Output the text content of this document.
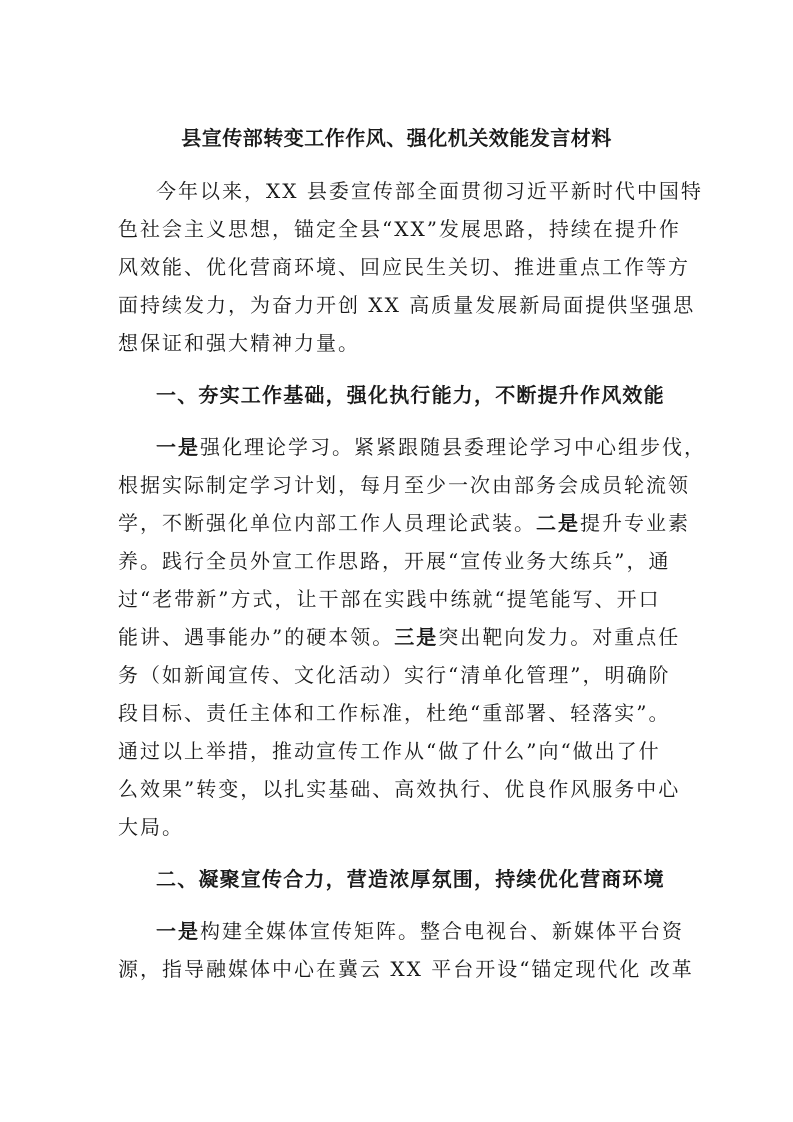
县宣传部转变工作作风、强化机关效能发言材料
今年以来，XX 县委宣传部全面贯彻习近平新时代中国特
色社会主义思想，锚定全县“XX”发展思路，持续在提升作
风效能、优化营商环境、回应民生关切、推进重点工作等方
面持续发力，为奋力开创 XX 高质量发展新局面提供坚强思
想保证和强大精神力量。
一、夯实工作基础，强化执行能力，不断提升作风效能
一是强化理论学习。紧紧跟随县委理论学习中心组步伐，
根据实际制定学习计划，每月至少一次由部务会成员轮流领
学，不断强化单位内部工作人员理论武装。二是提升专业素
养。践行全员外宣工作思路，开展“宣传业务大练兵”，通
过“老带新”方式，让干部在实践中练就“提笔能写、开口
能讲、遇事能办”的硬本领。三是突出靶向发力。对重点任
务（如新闻宣传、文化活动）实行“清单化管理”，明确阶
段目标、责任主体和工作标准，杜绝“重部署、轻落实”。
通过以上举措，推动宣传工作从“做了什么”向“做出了什
么效果”转变，以扎实基础、高效执行、优良作风服务中心
大局。
二、凝聚宣传合力，营造浓厚氛围，持续优化营商环境
一是构建全媒体宣传矩阵。整合电视台、新媒体平台资
源，指导融媒体中心在冀云 XX 平台开设“锚定现代化 改革
